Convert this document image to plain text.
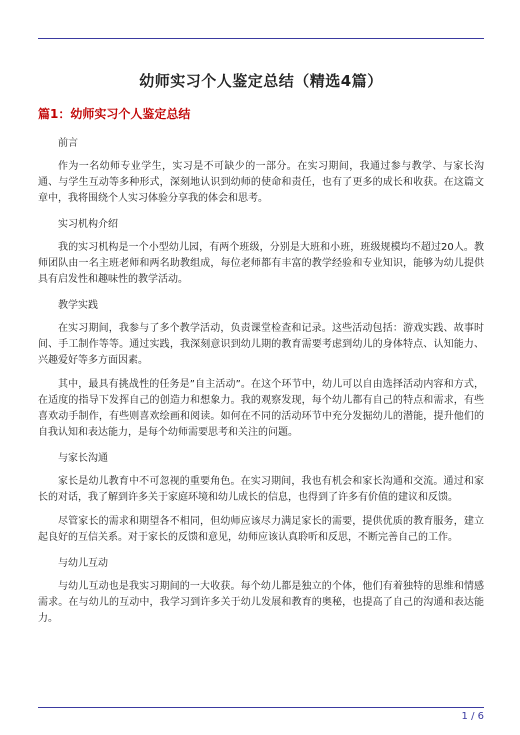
幼师实习个人鉴定总结（精选4篇）
篇1：幼师实习个人鉴定总结
前言

作为一名幼师专业学生，实习是不可缺少的一部分。在实习期间，我通过参与教学、与家长沟通、与学生互动等多种形式，深刻地认识到幼师的使命和责任，也有了更多的成长和收获。在这篇文章中，我将围绕个人实习体验分享我的体会和思考。

实习机构介绍

我的实习机构是一个小型幼儿园，有两个班级，分别是大班和小班，班级规模均不超过20人。教师团队由一名主班老师和两名助教组成，每位老师都有丰富的教学经验和专业知识，能够为幼儿提供具有启发性和趣味性的教学活动。

教学实践

在实习期间，我参与了多个教学活动，负责课堂检查和记录。这些活动包括：游戏实践、故事时间、手工制作等等。通过实践，我深刻意识到幼儿期的教育需要考虑到幼儿的身体特点、认知能力、兴趣爱好等多方面因素。

其中，最具有挑战性的任务是”自主活动”。在这个环节中，幼儿可以自由选择活动内容和方式，在适度的指导下发挥自己的创造力和想象力。我的观察发现，每个幼儿都有自己的特点和需求，有些喜欢动手制作，有些则喜欢绘画和阅读。如何在不同的活动环节中充分发掘幼儿的潜能，提升他们的自我认知和表达能力，是每个幼师需要思考和关注的问题。

与家长沟通

家长是幼儿教育中不可忽视的重要角色。在实习期间，我也有机会和家长沟通和交流。通过和家长的对话，我了解到许多关于家庭环境和幼儿成长的信息，也得到了许多有价值的建议和反馈。

尽管家长的需求和期望各不相同，但幼师应该尽力满足家长的需要，提供优质的教育服务，建立起良好的互信关系。对于家长的反馈和意见，幼师应该认真聆听和反思，不断完善自己的工作。

与幼儿互动

与幼儿互动也是我实习期间的一大收获。每个幼儿都是独立的个体，他们有着独特的思维和情感需求。在与幼儿的互动中，我学习到许多关于幼儿发展和教育的奥秘，也提高了自己的沟通和表达能力。

1 / 6
